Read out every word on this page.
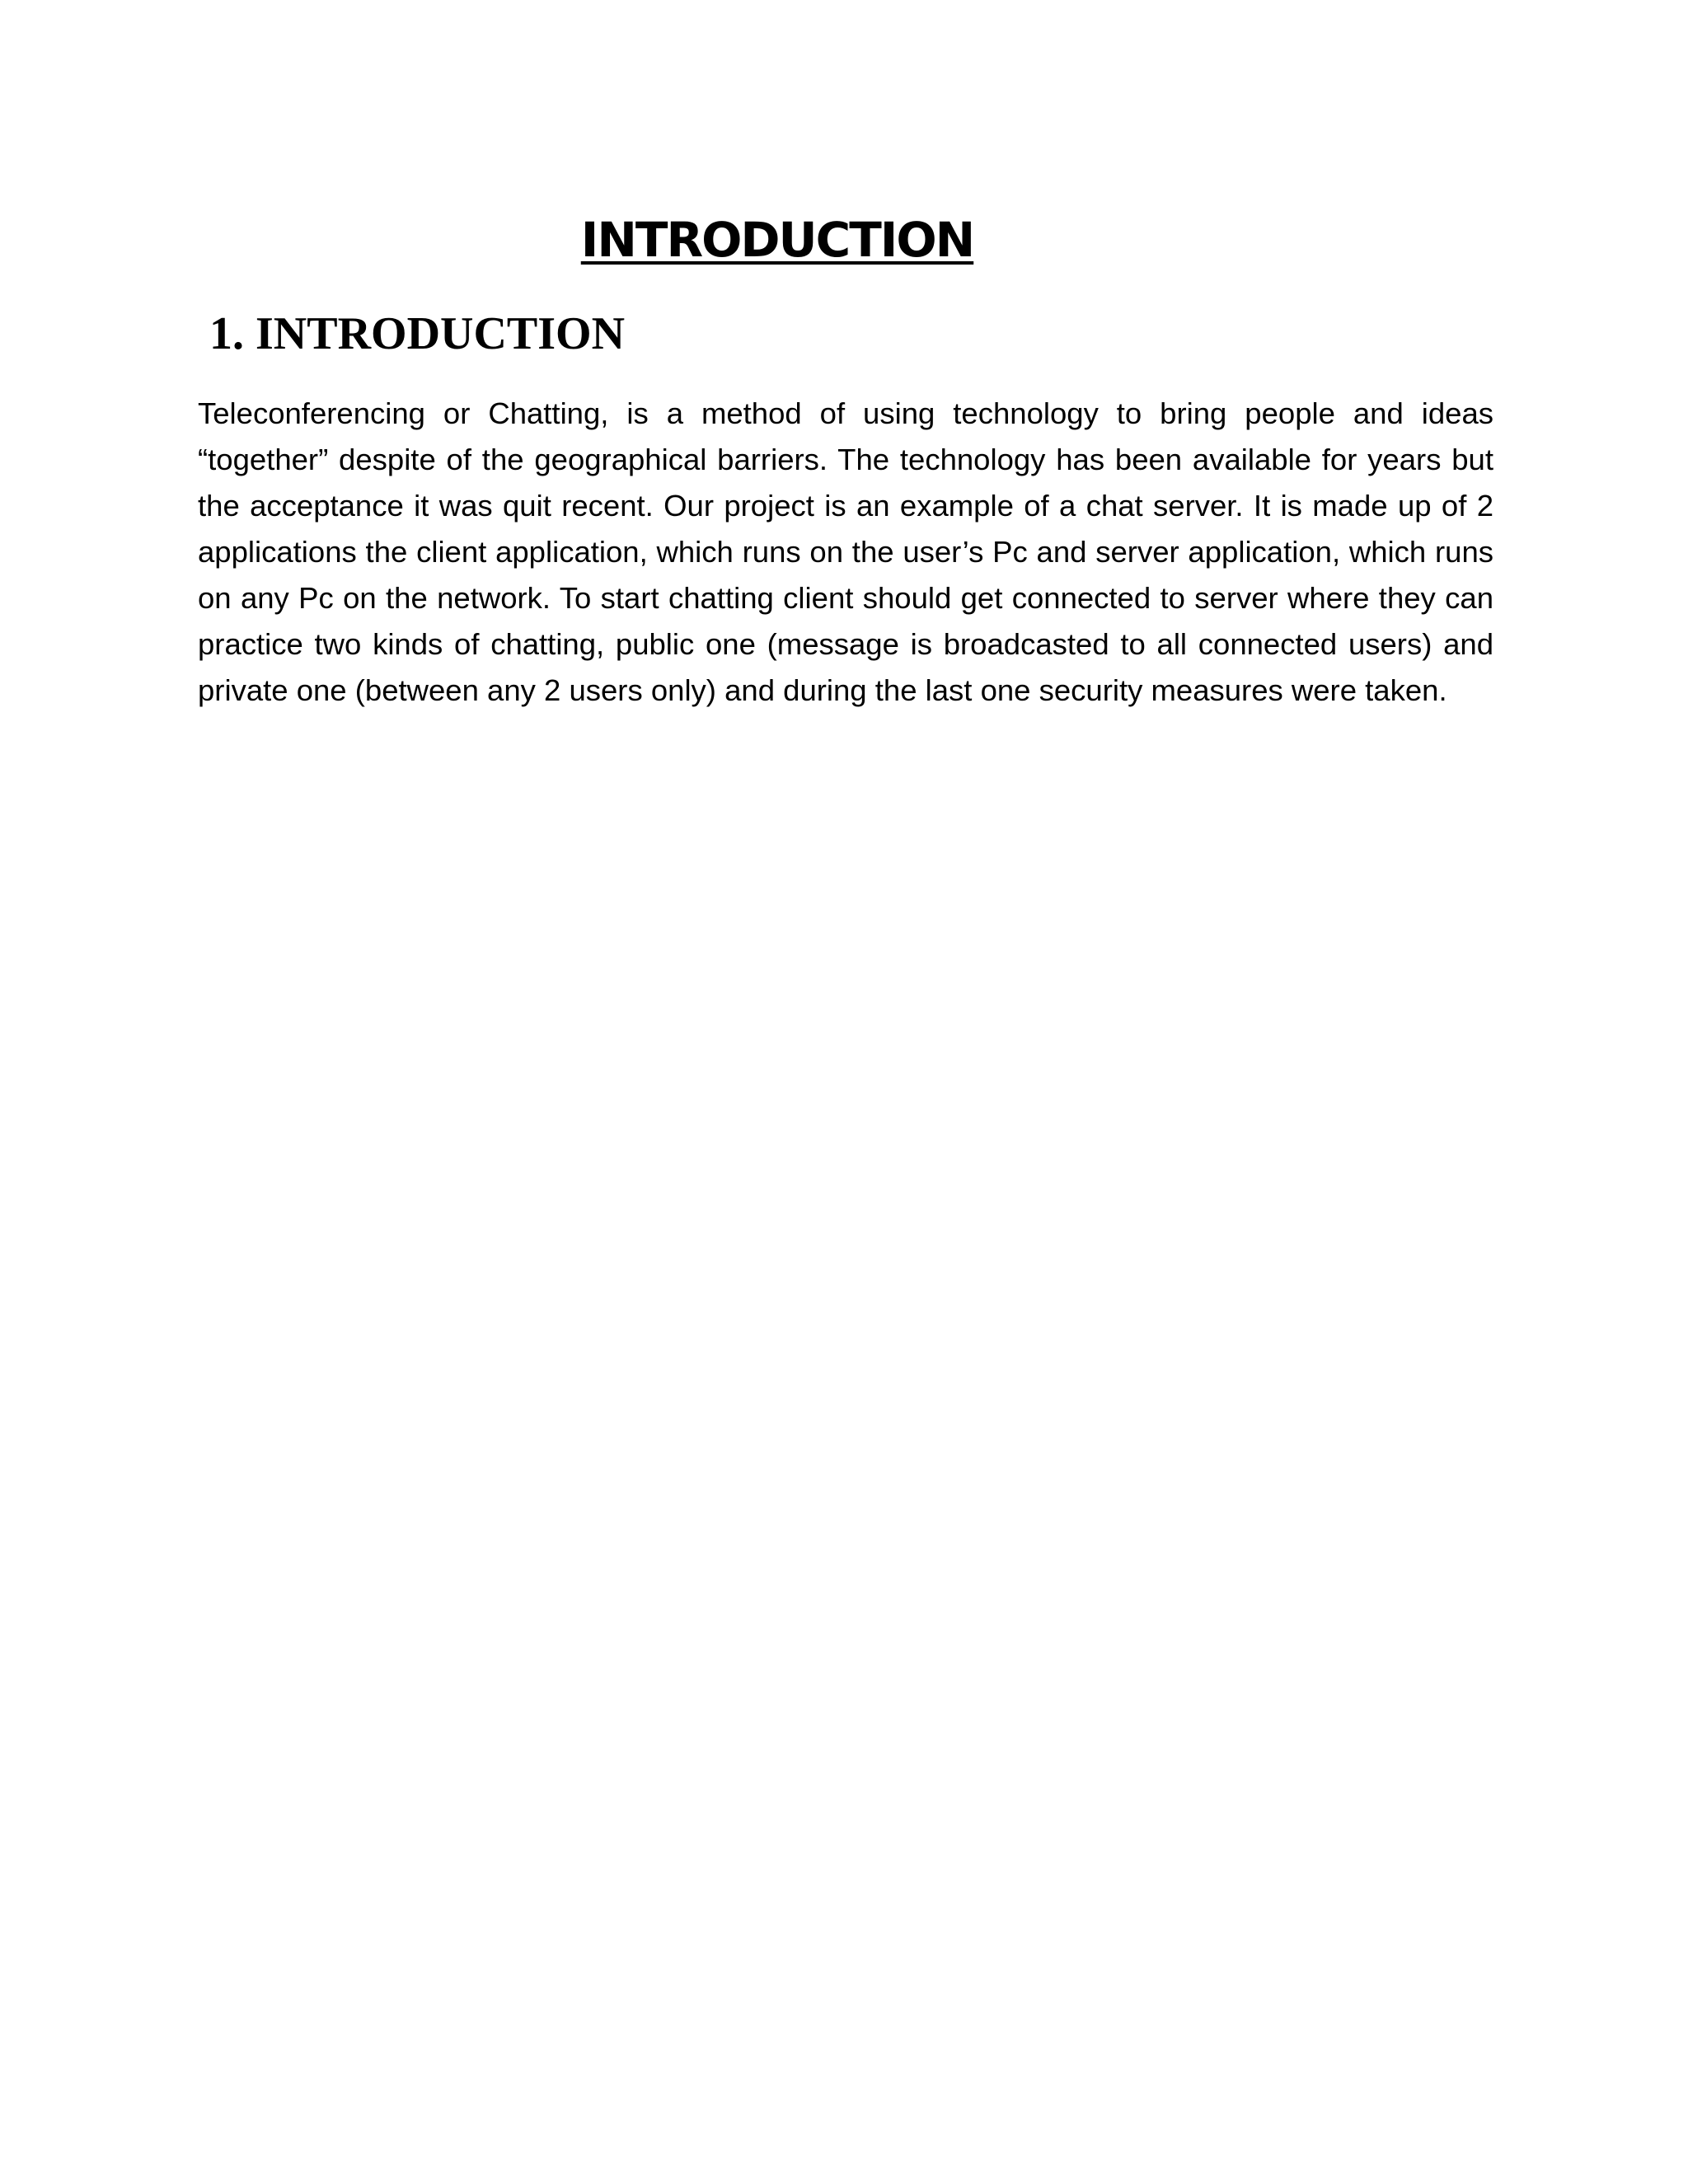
INTRODUCTION
1. INTRODUCTION

Teleconferencing or Chatting, is a method of using technology to bring people and ideas “together” despite of the geographical barriers. The technology has been available for years but the acceptance it was quit recent. Our project is an example of a chat server. It is made up of 2 applications the client application, which runs on the user’s Pc and server application, which runs on any Pc on the network. To start chatting client should get connected to server where they can practice two kinds of chatting, public one (message is broadcasted to all connected users) and private one (between any 2 users only) and during the last one security measures were taken.
